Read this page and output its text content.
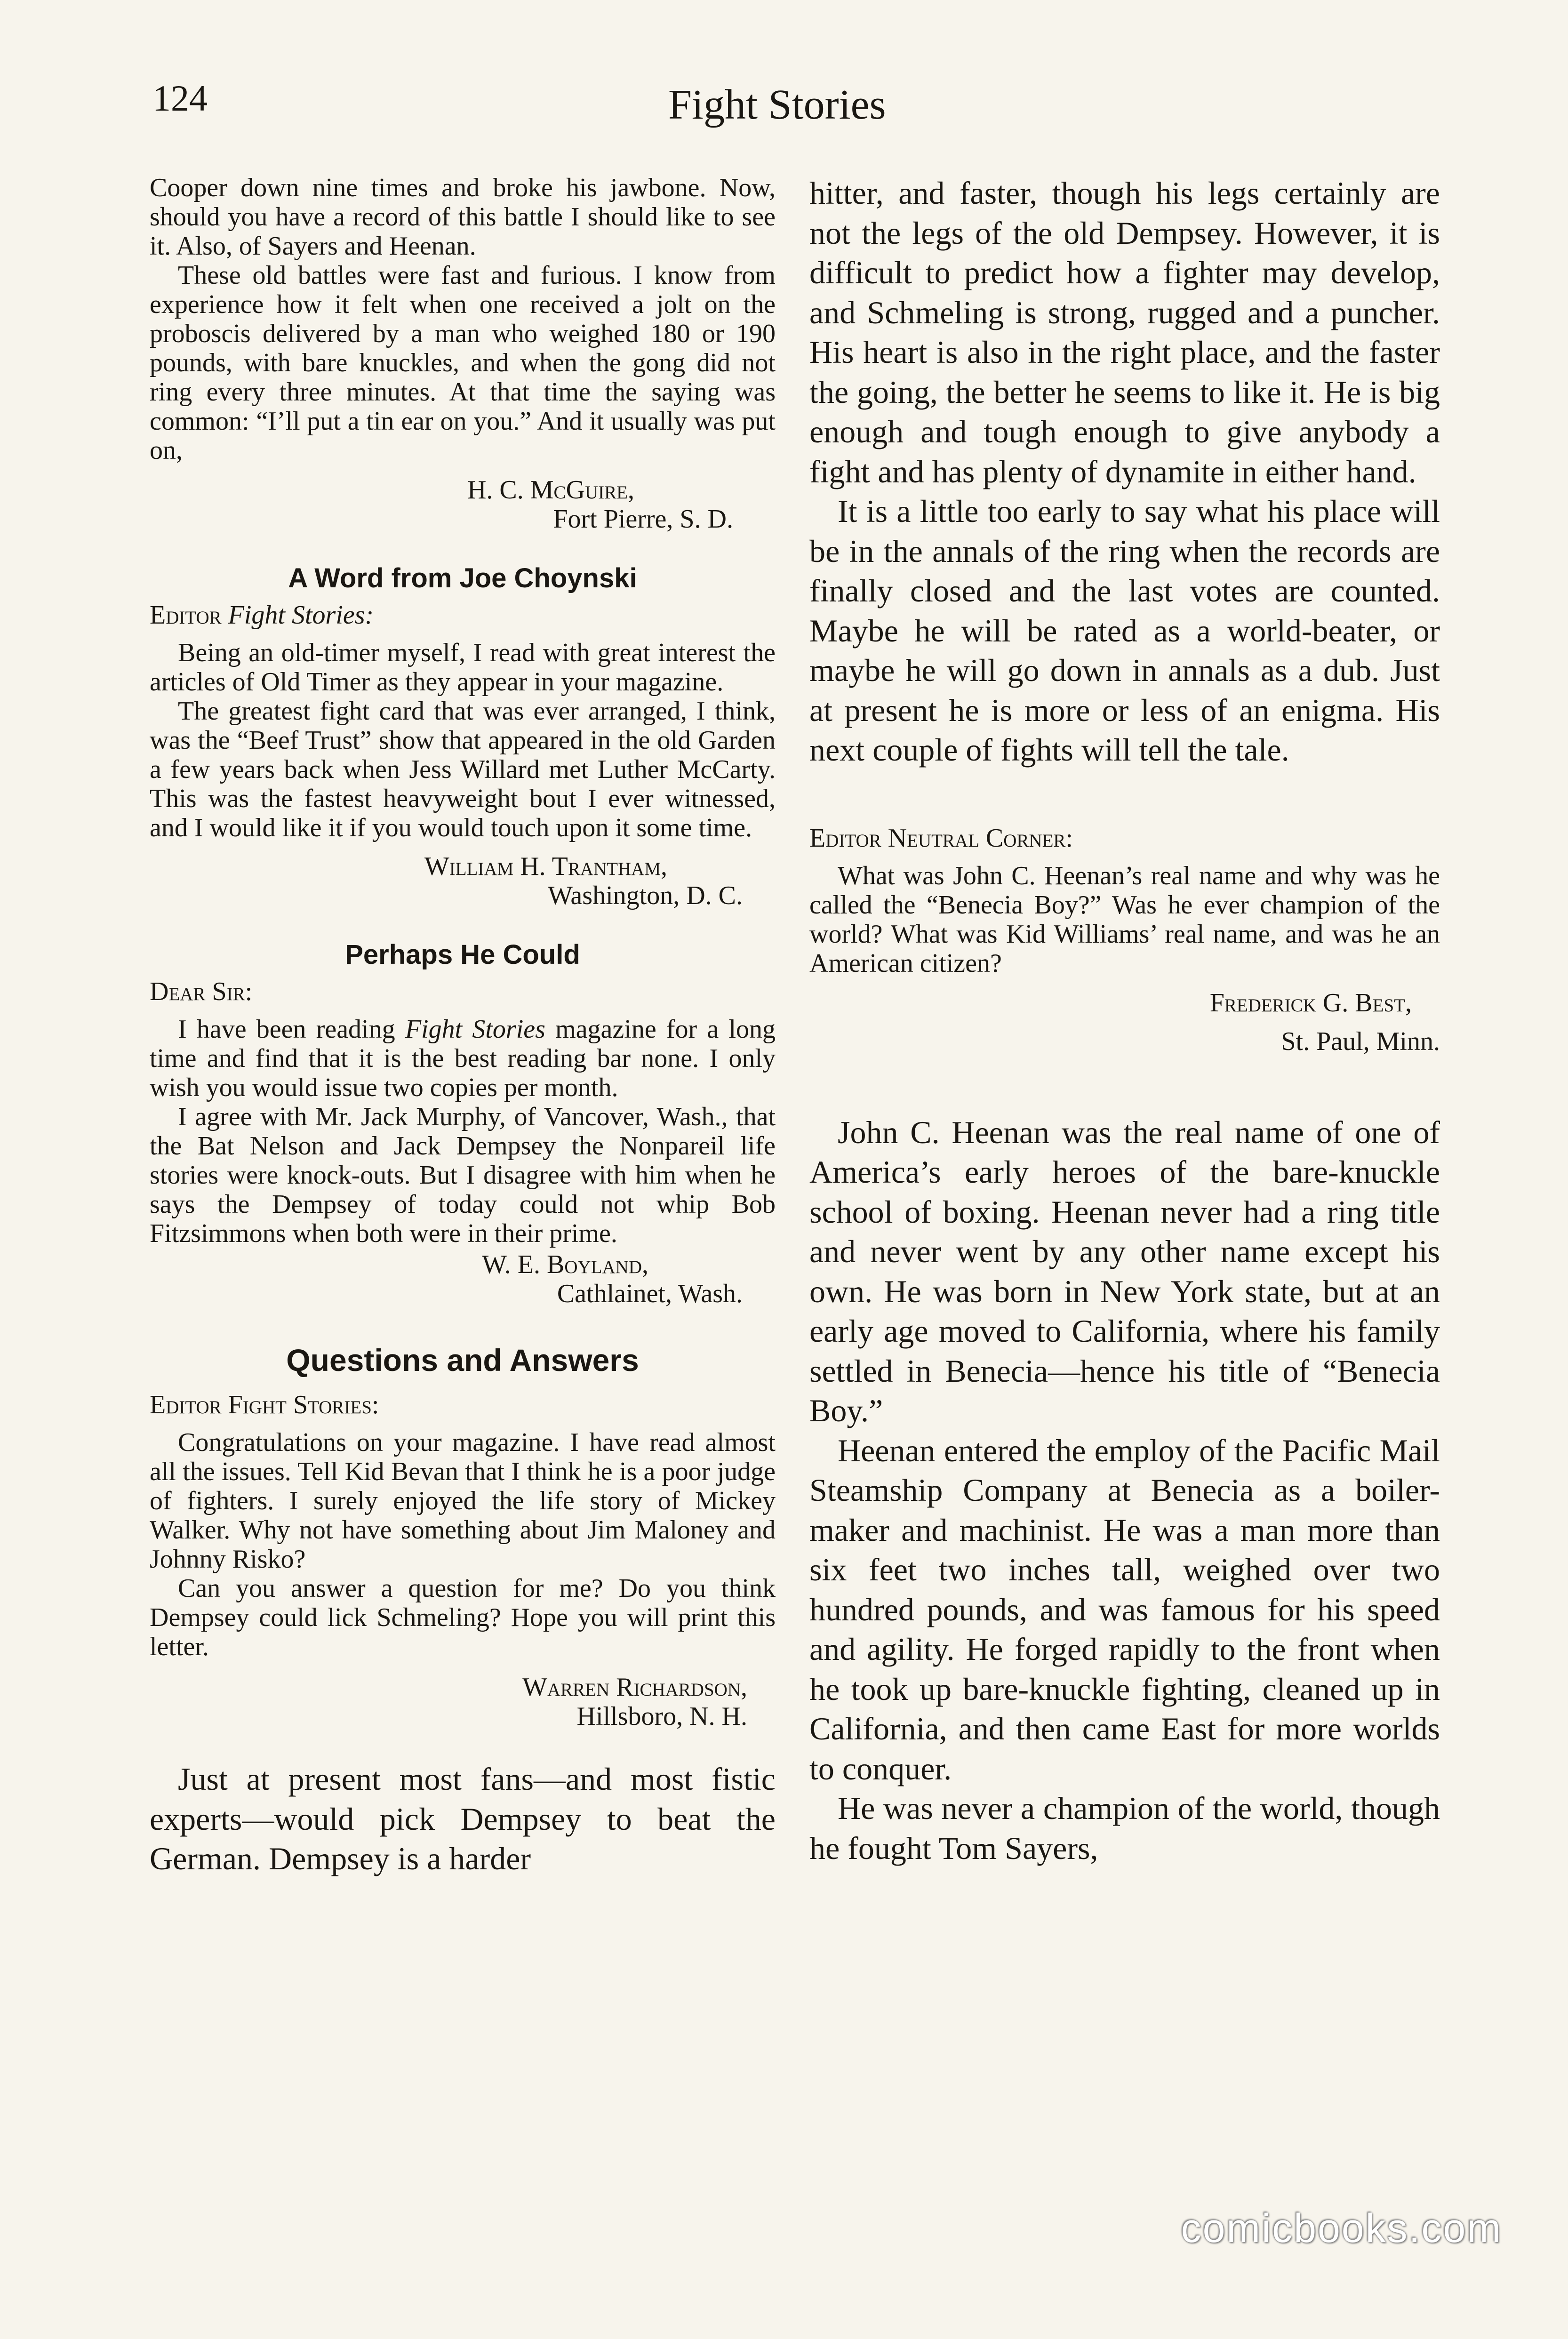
124	Fight Stories

Cooper down nine times and broke his jawbone. Now, should you have a record of this battle I should like to see it. Also, of Sayers and Heenan.

These old battles were fast and furious. I know from experience how it felt when one received a jolt on the proboscis delivered by a man who weighed 180 or 190 pounds, with bare knuckles, and when the gong did not ring every three minutes. At that time the saying was common: “I’ll put a tin ear on you.” And it usually was put on,

H. C. McGuire,

Fort Pierre, S. D.

A Word from Joe Choynski

Editor Fight Stories:

Being an old-timer myself, I read with great interest the articles of Old Timer as they appear in your magazine.

The greatest fight card that was ever arranged, I think, was the “Beef Trust” show that appeared in the old Garden a few years back when Jess Willard met Luther McCarty. This was the fastest heavyweight bout I ever witnessed, and I would like it if you would touch upon it some time.

William H. Trantham,

Washington, D. C.

Perhaps He Could

Dear Sir:

I have been reading Fight Stories magazine for a long time and find that it is the best reading bar none. I only wish you would issue two copies per month.

I agree with Mr. Jack Murphy, of Vancover, Wash., that the Bat Nelson and Jack Dempsey the Nonpareil life stories were knock-outs. But I disagree with him when he says the Dempsey of today could not whip Bob Fitzsimmons when both were in their prime.

W. E. Boyland,

Cathlainet, Wash.

Questions and Answers

Editor Fight Stories:

Congratulations on your magazine. I have read almost all the issues. Tell Kid Bevan that I think he is a poor judge of fighters. I surely enjoyed the life story of Mickey Walker. Why not have something about Jim Maloney and Johnny Risko?

Can you answer a question for me? Do you think Dempsey could lick Schmeling? Hope you will print this letter.

Warren Richardson,

Hillsboro, N. H.

Just at present most fans—and most fistic experts—would pick Dempsey to beat the German. Dempsey is a harder

hitter, and faster, though his legs certainly are not the legs of the old Dempsey. However, it is difficult to predict how a fighter may develop, and Schmeling is strong, rugged and a puncher. His heart is also in the right place, and the faster the going, the better he seems to like it. He is big enough and tough enough to give anybody a fight and has plenty of dynamite in either hand.

It is a little too early to say what his place will be in the annals of the ring when the records are finally closed and the last votes are counted. Maybe he will be rated as a world-beater, or maybe he will go down in annals as a dub. Just at present he is more or less of an enigma. His next couple of fights will tell the tale.

Editor Neutral Corner:

What was John C. Heenan’s real name and why was he called the “Benecia Boy?” Was he ever champion of the world? What was Kid Williams’ real name, and was he an American citizen?

Frederick G. Best,

St. Paul, Minn.

John C. Heenan was the real name of one of America’s early heroes of the bare-knuckle school of boxing. Heenan never had a ring title and never went by any other name except his own. He was born in New York state, but at an early age moved to California, where his family settled in Benecia—hence his title of “Benecia Boy.”

Heenan entered the employ of the Pacific Mail Steamship Company at Benecia as a boiler-maker and machinist. He was a man more than six feet two inches tall, weighed over two hundred pounds, and was famous for his speed and agility. He forged rapidly to the front when he took up bare-knuckle fighting, cleaned up in California, and then came East for more worlds to conquer.

He was never a champion of the world, though he fought Tom Sayers,

comicbooks.com
